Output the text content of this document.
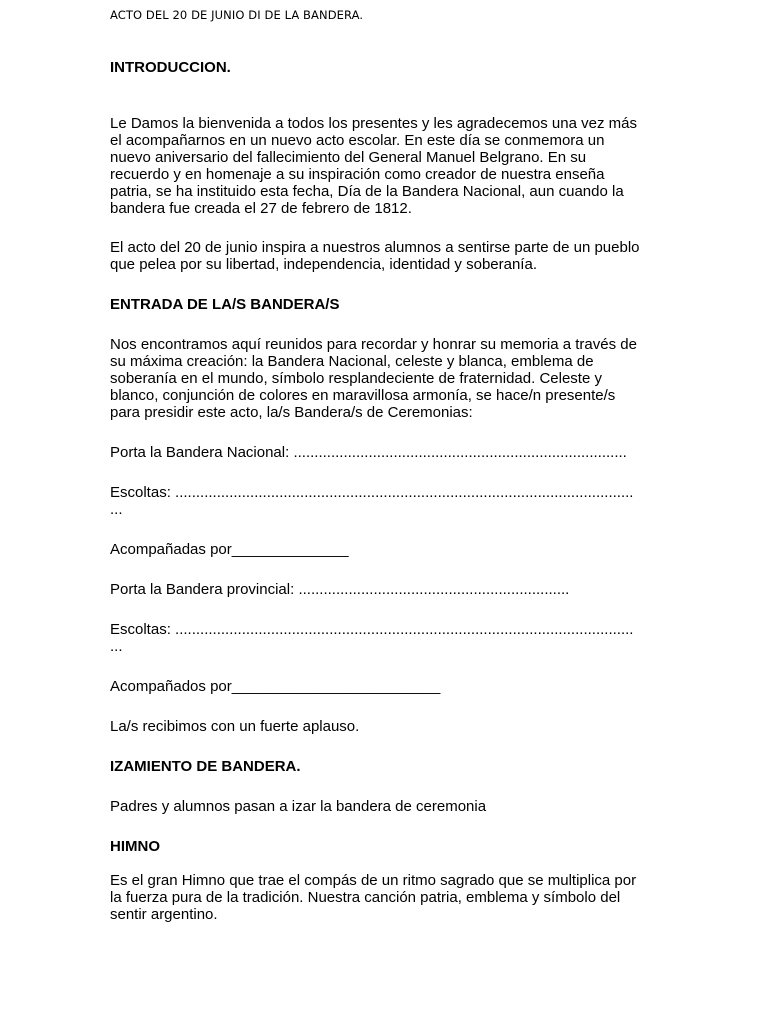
ACTO DEL 20 DE JUNIO DI DE LA BANDERA.
INTRODUCCION.
Le Damos la bienvenida a todos los presentes y les agradecemos una vez más
el acompañarnos en un nuevo acto escolar. En este día se conmemora un
nuevo aniversario del fallecimiento del General Manuel Belgrano. En su
recuerdo y en homenaje a su inspiración como creador de nuestra enseña
patria, se ha instituido esta fecha, Día de la Bandera Nacional, aun cuando la
bandera fue creada el 27 de febrero de 1812.
El acto del 20 de junio inspira a nuestros alumnos a sentirse parte de un pueblo
que pelea por su libertad, independencia, identidad y soberanía.
ENTRADA DE LA/S BANDERA/S
Nos encontramos aquí reunidos para recordar y honrar su memoria a través de
su máxima creación: la Bandera Nacional, celeste y blanca, emblema de
soberanía en el mundo, símbolo resplandeciente de fraternidad. Celeste y
blanco, conjunción de colores en maravillosa armonía, se hace/n presente/s
para presidir este acto, la/s Bandera/s de Ceremonias:
Porta la Bandera Nacional: ................................................................................
Escoltas: ..............................................................................................................
...
Acompañadas por______________
Porta la Bandera provincial: .................................................................
Escoltas: ..............................................................................................................
...
Acompañados por_________________________
La/s recibimos con un fuerte aplauso.
IZAMIENTO DE BANDERA.
Padres y alumnos pasan a izar la bandera de ceremonia
HIMNO
Es el gran Himno que trae el compás de un ritmo sagrado que se multiplica por
la fuerza pura de la tradición. Nuestra canción patria, emblema y símbolo del
sentir argentino.
